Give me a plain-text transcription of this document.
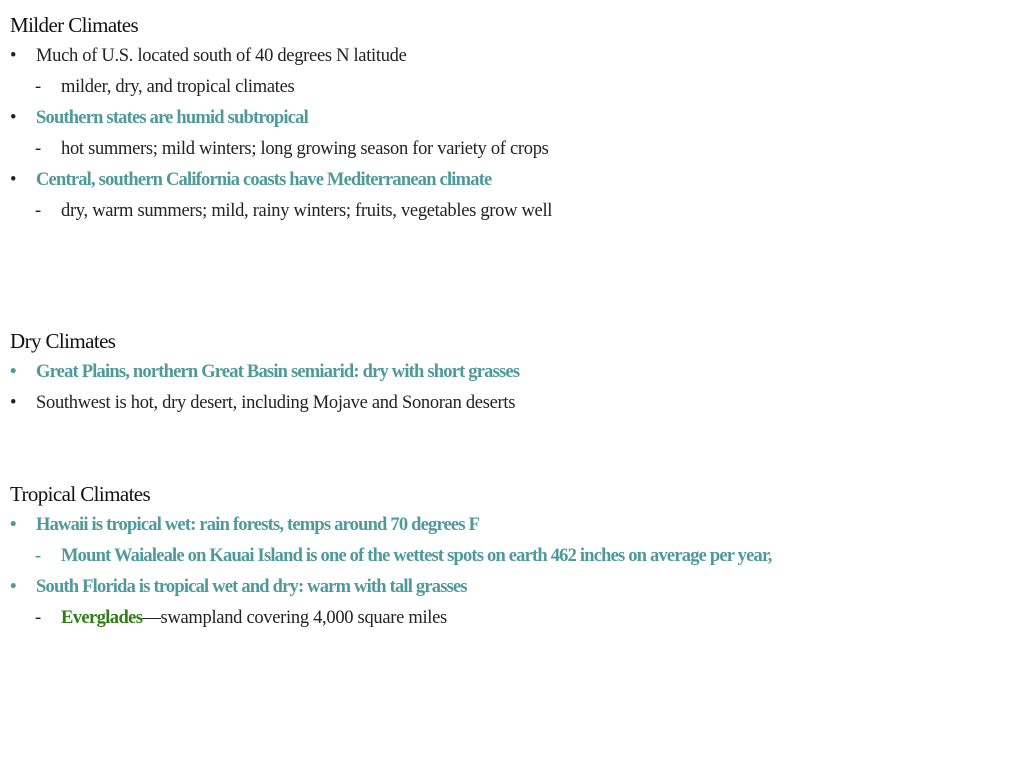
Milder Climates
• Much of U.S. located south of 40 degrees N latitude
- milder, dry, and tropical climates
• Southern states are humid subtropical
- hot summers; mild winters; long growing season for variety of crops
• Central, southern California coasts have Mediterranean climate
- dry, warm summers; mild, rainy winters; fruits, vegetables grow well
Dry Climates
• Great Plains, northern Great Basin semiarid: dry with short grasses
• Southwest is hot, dry desert, including Mojave and Sonoran deserts
Tropical Climates
• Hawaii is tropical wet: rain forests, temps around 70 degrees F
- Mount Waialeale on Kauai Island is one of the wettest spots on earth 462 inches on average per year,
• South Florida is tropical wet and dry: warm with tall grasses
- Everglades—swampland covering 4,000 square miles
